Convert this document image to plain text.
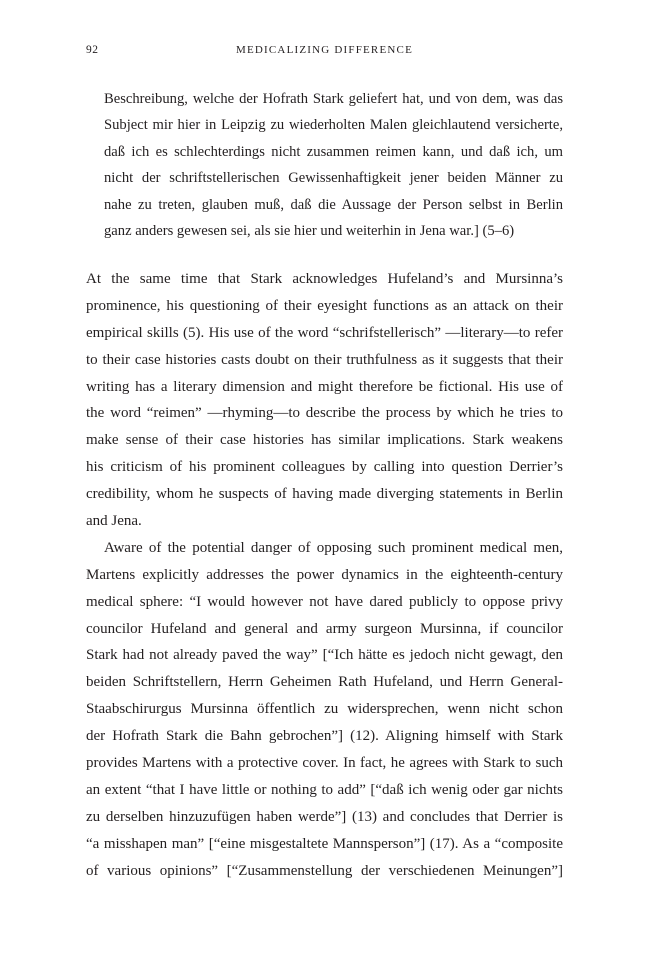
92	MEDICALIZING DIFFERENCE
Beschreibung, welche der Hofrath Stark geliefert hat, und von dem, was das
Subject mir hier in Leipzig zu wiederholten Malen gleichlautend versicherte,
daß ich es schlechterdings nicht zusammen reimen kann, und daß ich, um
nicht der schriftstellerischen Gewissenhaftigkeit jener beiden Männer zu
nahe zu treten, glauben muß, daß die Aussage der Person selbst in Berlin
ganz anders gewesen sei, als sie hier und weiterhin in Jena war.] (5–6)
At the same time that Stark acknowledges Hufeland’s and Mursinna’s
prominence, his questioning of their eyesight functions as an attack on their
empirical skills (5). His use of the word “schrifstellerisch” —literary—to refer
to their case histories casts doubt on their truthfulness as it suggests that their
writing has a literary dimension and might therefore be fictional. His use of
the word “reimen” —rhyming—to describe the process by which he tries to
make sense of their case histories has similar implications. Stark weakens
his criticism of his prominent colleagues by calling into question Derrier’s
credibility, whom he suspects of having made diverging statements in Berlin
and Jena.
Aware of the potential danger of opposing such prominent medical men,
Martens explicitly addresses the power dynamics in the eighteenth-century
medical sphere: “I would however not have dared publicly to oppose privy
councilor Hufeland and general and army surgeon Mursinna, if councilor
Stark had not already paved the way” [“Ich hätte es jedoch nicht gewagt, den
beiden Schriftstellern, Herrn Geheimen Rath Hufeland, und Herrn General-
Staabschirurgus Mursinna öffentlich zu widersprechen, wenn nicht schon
der Hofrath Stark die Bahn gebrochen”] (12). Aligning himself with Stark
provides Martens with a protective cover. In fact, he agrees with Stark to such
an extent “that I have little or nothing to add” [“daß ich wenig oder gar nichts
zu derselben hinzuzufügen haben werde”] (13) and concludes that Derrier is
“a misshapen man” [“eine misgestaltete Mannsperson”] (17). As a “composite
of various opinions” [“Zusammenstellung der verschiedenen Meinungen”]
